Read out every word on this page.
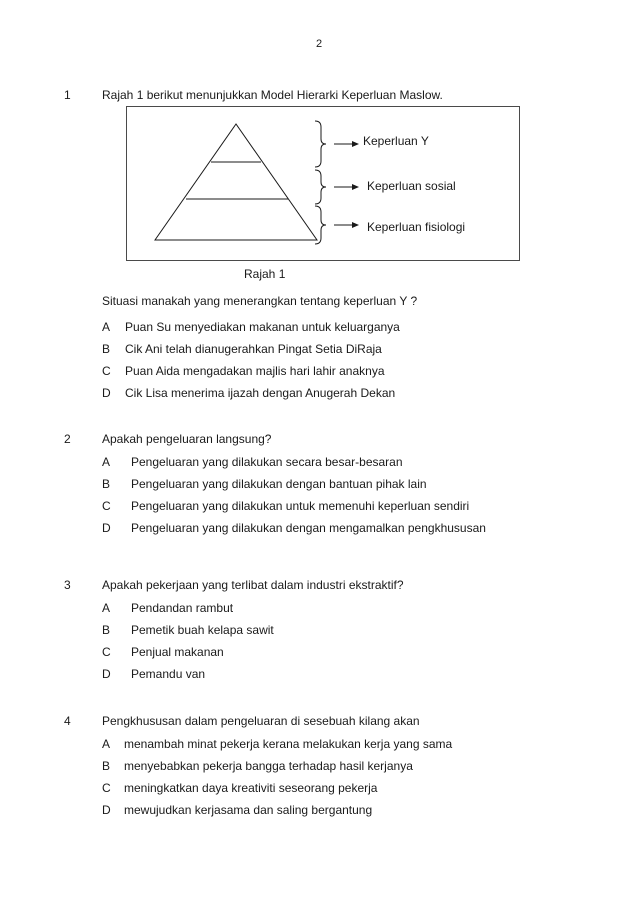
2
1	Rajah 1 berikut menunjukkan Model Hierarki Keperluan Maslow.
Keperluan Y
Keperluan sosial
Keperluan fisiologi
Rajah 1
Situasi manakah yang menerangkan tentang keperluan Y ?
A Puan Su menyediakan makanan untuk keluarganya
B Cik Ani telah dianugerahkan Pingat Setia DiRaja
C Puan Aida mengadakan majlis hari lahir anaknya
D Cik Lisa menerima ijazah dengan Anugerah Dekan
2	Apakah pengeluaran langsung?
A Pengeluaran yang dilakukan secara besar-besaran
B Pengeluaran yang dilakukan dengan bantuan pihak lain
C Pengeluaran yang dilakukan untuk memenuhi keperluan sendiri
D Pengeluaran yang dilakukan dengan mengamalkan pengkhususan
3	Apakah pekerjaan yang terlibat dalam industri ekstraktif?
A Pendandan rambut
B Pemetik buah kelapa sawit
C Penjual makanan
D Pemandu van
4	Pengkhususan dalam pengeluaran di sesebuah kilang akan
A menambah minat pekerja kerana melakukan kerja yang sama
B menyebabkan pekerja bangga terhadap hasil kerjanya
C meningkatkan daya kreativiti seseorang pekerja
D mewujudkan kerjasama dan saling bergantung
